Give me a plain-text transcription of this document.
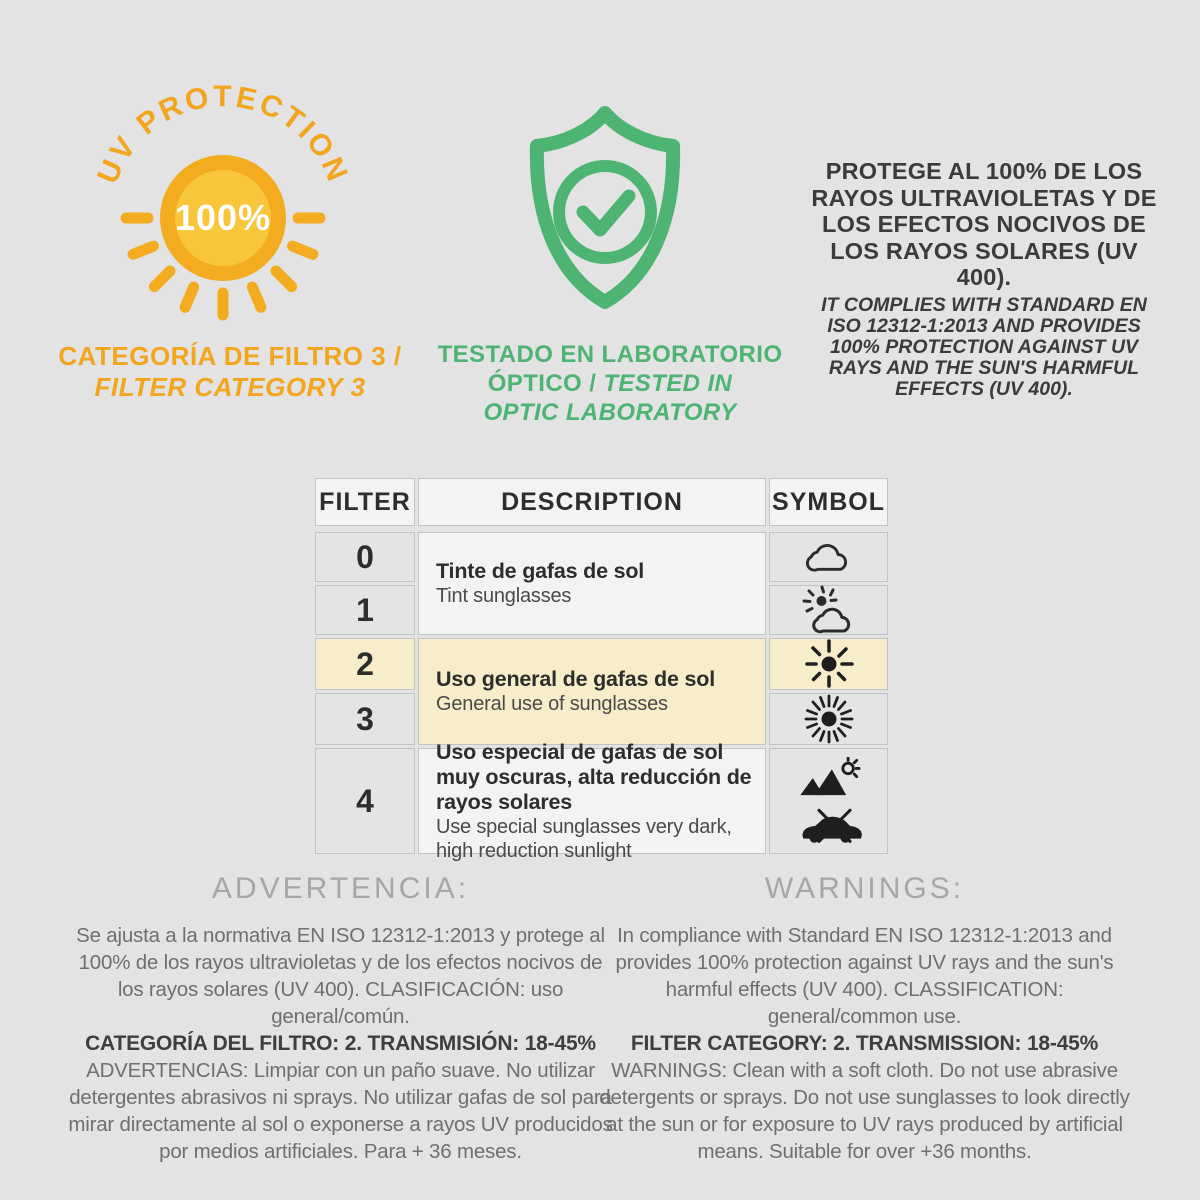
UV PROTECTION
100%
CATEGORÍA DE FILTRO 3 /
FILTER CATEGORY 3
TESTADO EN LABORATORIO
ÓPTICO / TESTED IN
OPTIC LABORATORY

PROTEGE AL 100% DE LOS RAYOS ULTRAVIOLETAS Y DE LOS EFECTOS NOCIVOS DE LOS RAYOS SOLARES (UV 400).

IT COMPLIES WITH STANDARD EN ISO 12312-1:2013 AND PROVIDES 100% PROTECTION AGAINST UV RAYS AND THE SUN'S HARMFUL EFFECTS (UV 400).

FILTER	DESCRIPTION	SYMBOL
0
1
2
3
4
Tinte de gafas de sol
Tint sunglasses
Uso general de gafas de sol
General use of sunglasses
Uso especial de gafas de sol muy oscuras, alta reducción de rayos solares
Use special sunglasses very dark, high reduction sunlight
ADVERTENCIA:

Se ajusta a la normativa EN ISO 12312-1:2013 y protege al 100% de los rayos ultravioletas y de los efectos nocivos de los rayos solares (UV 400). CLASIFICACIÓN: uso general/común.

CATEGORÍA DEL FILTRO: 2. TRANSMISIÓN: 18-45%

ADVERTENCIAS: Limpiar con un paño suave. No utilizar detergentes abrasivos ni sprays. No utilizar gafas de sol para mirar directamente al sol o exponerse a rayos UV producidos por medios artificiales. Para + 36 meses.

WARNINGS:

In compliance with Standard EN ISO 12312-1:2013 and provides 100% protection against UV rays and the sun's harmful effects (UV 400). CLASSIFICATION: general/common use.

FILTER CATEGORY: 2. TRANSMISSION: 18-45%

WARNINGS: Clean with a soft cloth. Do not use abrasive detergents or sprays. Do not use sunglasses to look directly at the sun or for exposure to UV rays produced by artificial means. Suitable for over +36 months.
